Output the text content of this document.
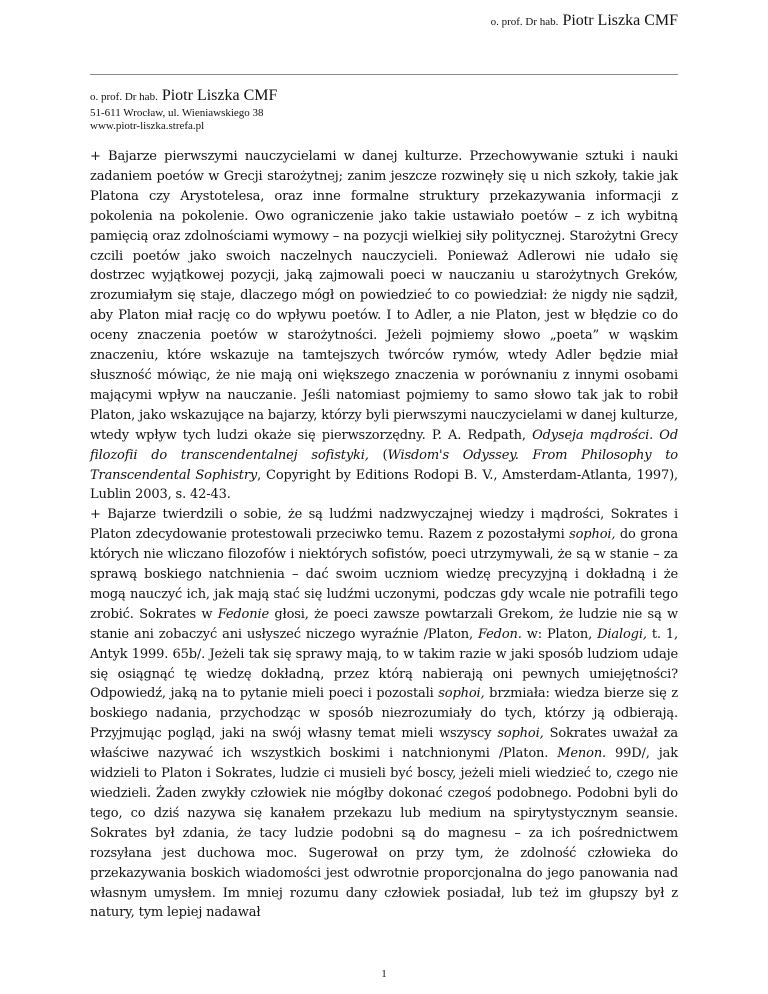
o. prof. Dr hab. Piotr Liszka CMF
o. prof. Dr hab. Piotr Liszka CMF
51-611 Wrocław, ul. Wieniawskiego 38
www.piotr-liszka.strefa.pl

+ Bajarze pierwszymi nauczycielami w danej kulturze. Przechowywanie sztuki i nauki zadaniem poetów w Grecji starożytnej; zanim jeszcze rozwinęły się u nich szkoły, takie jak Platona czy Arystotelesa, oraz inne formalne struktury przekazywania informacji z pokolenia na pokolenie. Owo ograniczenie jako takie ustawiało poetów – z ich wybitną pamięcią oraz zdolnościami wymowy – na pozycji wielkiej siły politycznej. Starożytni Grecy czcili poetów jako swoich naczelnych nauczycieli. Ponieważ Adlerowi nie udało się dostrzec wyjątkowej pozycji, jaką zajmowali poeci w nauczaniu u starożytnych Greków, zrozumiałym się staje, dlaczego mógł on powiedzieć to co powiedział: że nigdy nie sądził, aby Platon miał rację co do wpływu poetów. I to Adler, a nie Platon, jest w błędzie co do oceny znaczenia poetów w starożytności. Jeżeli pojmiemy słowo „poeta” w wąskim znaczeniu, które wskazuje na tamtejszych twórców rymów, wtedy Adler będzie miał słuszność mówiąc, że nie mają oni większego znaczenia w porównaniu z innymi osobami mającymi wpływ na nauczanie. Jeśli natomiast pojmiemy to samo słowo tak jak to robił Platon, jako wskazujące na bajarzy, którzy byli pierwszymi nauczycielami w danej kulturze, wtedy wpływ tych ludzi okaże się pierwszorzędny. P. A. Redpath, Odyseja mądrości. Od filozofii do transcendentalnej sofistyki, (Wisdom's Odyssey. From Philosophy to Transcendental Sophistry, Copyright by Editions Rodopi B. V., Amsterdam-Atlanta, 1997), Lublin 2003, s. 42-43.

+ Bajarze twierdzili o sobie, że są ludźmi nadzwyczajnej wiedzy i mądrości, Sokrates i Platon zdecydowanie protestowali przeciwko temu. Razem z pozostałymi sophoi, do grona których nie wliczano filozofów i niektórych sofistów, poeci utrzymywali, że są w stanie – za sprawą boskiego natchnienia – dać swoim uczniom wiedzę precyzyjną i dokładną i że mogą nauczyć ich, jak mają stać się ludźmi uczonymi, podczas gdy wcale nie potrafili tego zrobić. Sokrates w Fedonie głosi, że poeci zawsze powtarzali Grekom, że ludzie nie są w stanie ani zobaczyć ani usłyszeć niczego wyraźnie /Platon, Fedon. w: Platon, Dialogi, t. 1, Antyk 1999. 65b/. Jeżeli tak się sprawy mają, to w takim razie w jaki sposób ludziom udaje się osiągnąć tę wiedzę dokładną, przez którą nabierają oni pewnych umiejętności? Odpowiedź, jaką na to pytanie mieli poeci i pozostali sophoi, brzmiała: wiedza bierze się z boskiego nadania, przychodząc w sposób niezrozumiały do tych, którzy ją odbierają. Przyjmując pogląd, jaki na swój własny temat mieli wszyscy sophoi, Sokrates uważał za właściwe nazywać ich wszystkich boskimi i natchnionymi /Platon. Menon. 99D/, jak widzieli to Platon i Sokrates, ludzie ci musieli być boscy, jeżeli mieli wiedzieć to, czego nie wiedzieli. Żaden zwykły człowiek nie mógłby dokonać czegoś podobnego. Podobni byli do tego, co dziś nazywa się kanałem przekazu lub medium na spirytystycznym seansie. Sokrates był zdania, że tacy ludzie podobni są do magnesu – za ich pośrednictwem rozsyłana jest duchowa moc. Sugerował on przy tym, że zdolność człowieka do przekazywania boskich wiadomości jest odwrotnie proporcjonalna do jego panowania nad własnym umysłem. Im mniej rozumu dany człowiek posiadał, lub też im głupszy był z natury, tym lepiej nadawał

1
